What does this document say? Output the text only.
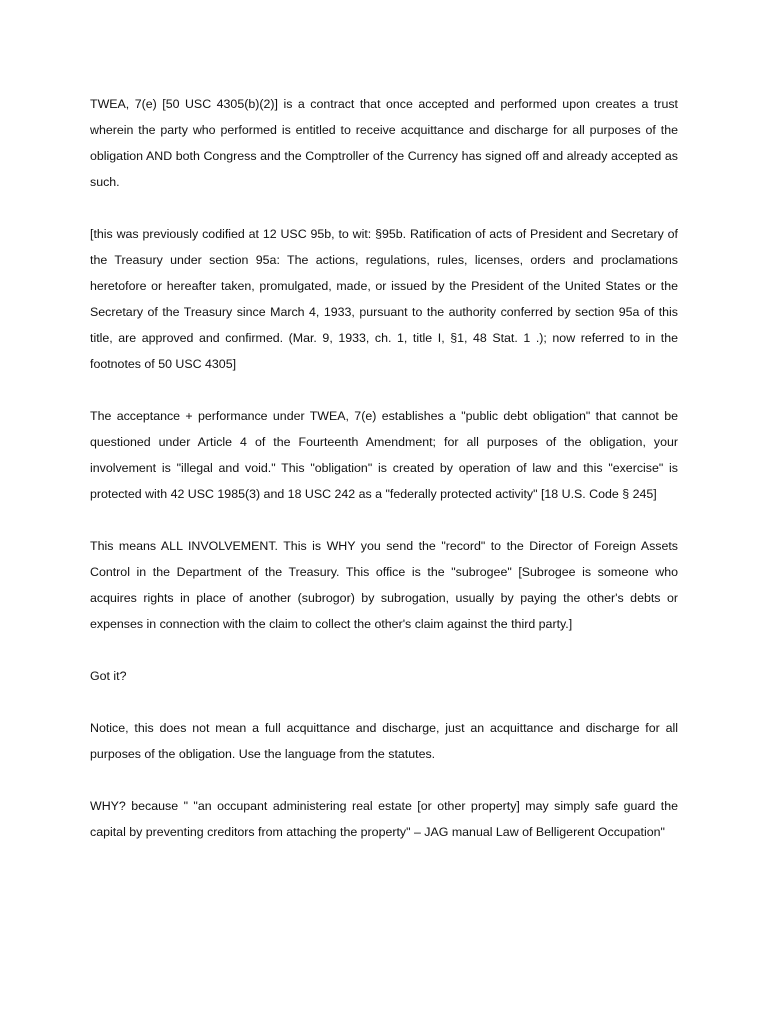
TWEA, 7(e) [50 USC 4305(b)(2)] is a contract that once accepted and performed upon creates a trust wherein the party who performed is entitled to receive acquittance and discharge for all purposes of the obligation AND both Congress and the Comptroller of the Currency has signed off and already accepted as such.

[this was previously codified at 12 USC 95b, to wit: §95b. Ratification of acts of President and Secretary of the Treasury under section 95a: The actions, regulations, rules, licenses, orders and proclamations heretofore or hereafter taken, promulgated, made, or issued by the President of the United States or the Secretary of the Treasury since March 4, 1933, pursuant to the authority conferred by section 95a of this title, are approved and confirmed. (Mar. 9, 1933, ch. 1, title I, §1, 48 Stat. 1 .); now referred to in the footnotes of 50 USC 4305]

The acceptance + performance under TWEA, 7(e) establishes a "public debt obligation" that cannot be questioned under Article 4 of the Fourteenth Amendment; for all purposes of the obligation, your involvement is "illegal and void." This "obligation" is created by operation of law and this "exercise" is protected with 42 USC 1985(3) and 18 USC 242 as a "federally protected activity" [18 U.S. Code § 245]

This means ALL INVOLVEMENT. This is WHY you send the "record" to the Director of Foreign Assets Control in the Department of the Treasury. This office is the "subrogee" [Subrogee is someone who acquires rights in place of another (subrogor) by subrogation, usually by paying the other's debts or expenses in connection with the claim to collect the other's claim against the third party.]

Got it?

Notice, this does not mean a full acquittance and discharge, just an acquittance and discharge for all purposes of the obligation. Use the language from the statutes.

WHY? because " "an occupant administering real estate [or other property] may simply safe guard the capital by preventing creditors from attaching the property" – JAG manual Law of Belligerent Occupation"
